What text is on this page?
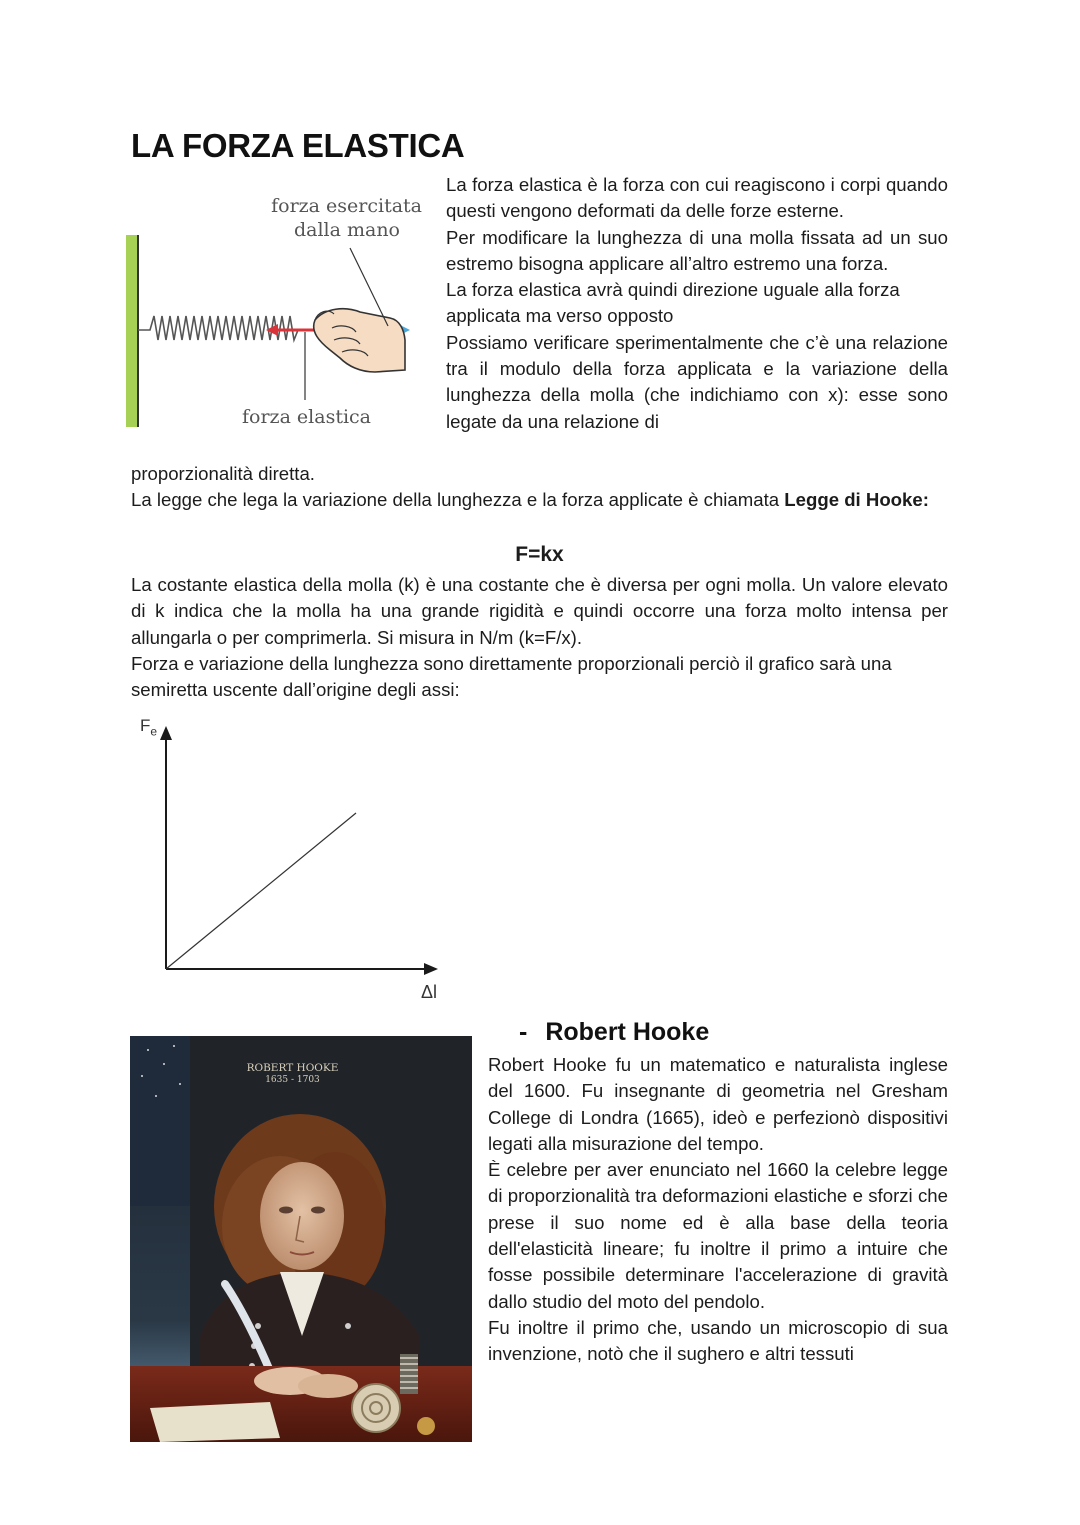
LA FORZA ELASTICA
forza esercitata
dalla mano
forza elastica

La forza elastica è la forza con cui reagiscono i corpi quando questi vengono deformati da delle forze esterne.

Per modificare la lunghezza di una molla fissata ad un suo estremo bisogna applicare all’altro estremo una forza.

La forza elastica avrà quindi direzione uguale alla forza applicata ma verso opposto

Possiamo verificare sperimentalmente che c’è una relazione tra il modulo della forza applicata e la variazione della lunghezza della molla (che indichiamo con x): esse sono legate da una relazione di

proporzionalità diretta.

La legge che lega la variazione della lunghezza e la forza applicate è chiamata Legge di Hooke:

F=kx

La costante elastica della molla (k) è una costante che è diversa per ogni molla. Un valore elevato di k indica che la molla ha una grande rigidità e quindi occorre una forza molto intensa per allungarla o per comprimerla. Si misura in N/m (k=F/x).

Forza e variazione della lunghezza sono direttamente proporzionali perciò il grafico sarà una semiretta uscente dall’origine degli assi:

$F_e$
Δl
ROBERT HOOKE
1635 - 1703
- Robert Hooke

Robert Hooke fu un matematico e naturalista inglese del 1600. Fu insegnante di geometria nel Gresham College di Londra (1665), ideò e perfezionò dispositivi legati alla misurazione del tempo.

È celebre per aver enunciato nel 1660 la celebre legge di proporzionalità tra deformazioni elastiche e sforzi che prese il suo nome ed è alla base della teoria dell'elasticità lineare; fu inoltre il primo a intuire che fosse possibile determinare l'accelerazione di gravità dallo studio del moto del pendolo.

Fu inoltre il primo che, usando un microscopio di sua invenzione, notò che il sughero e altri tessuti
